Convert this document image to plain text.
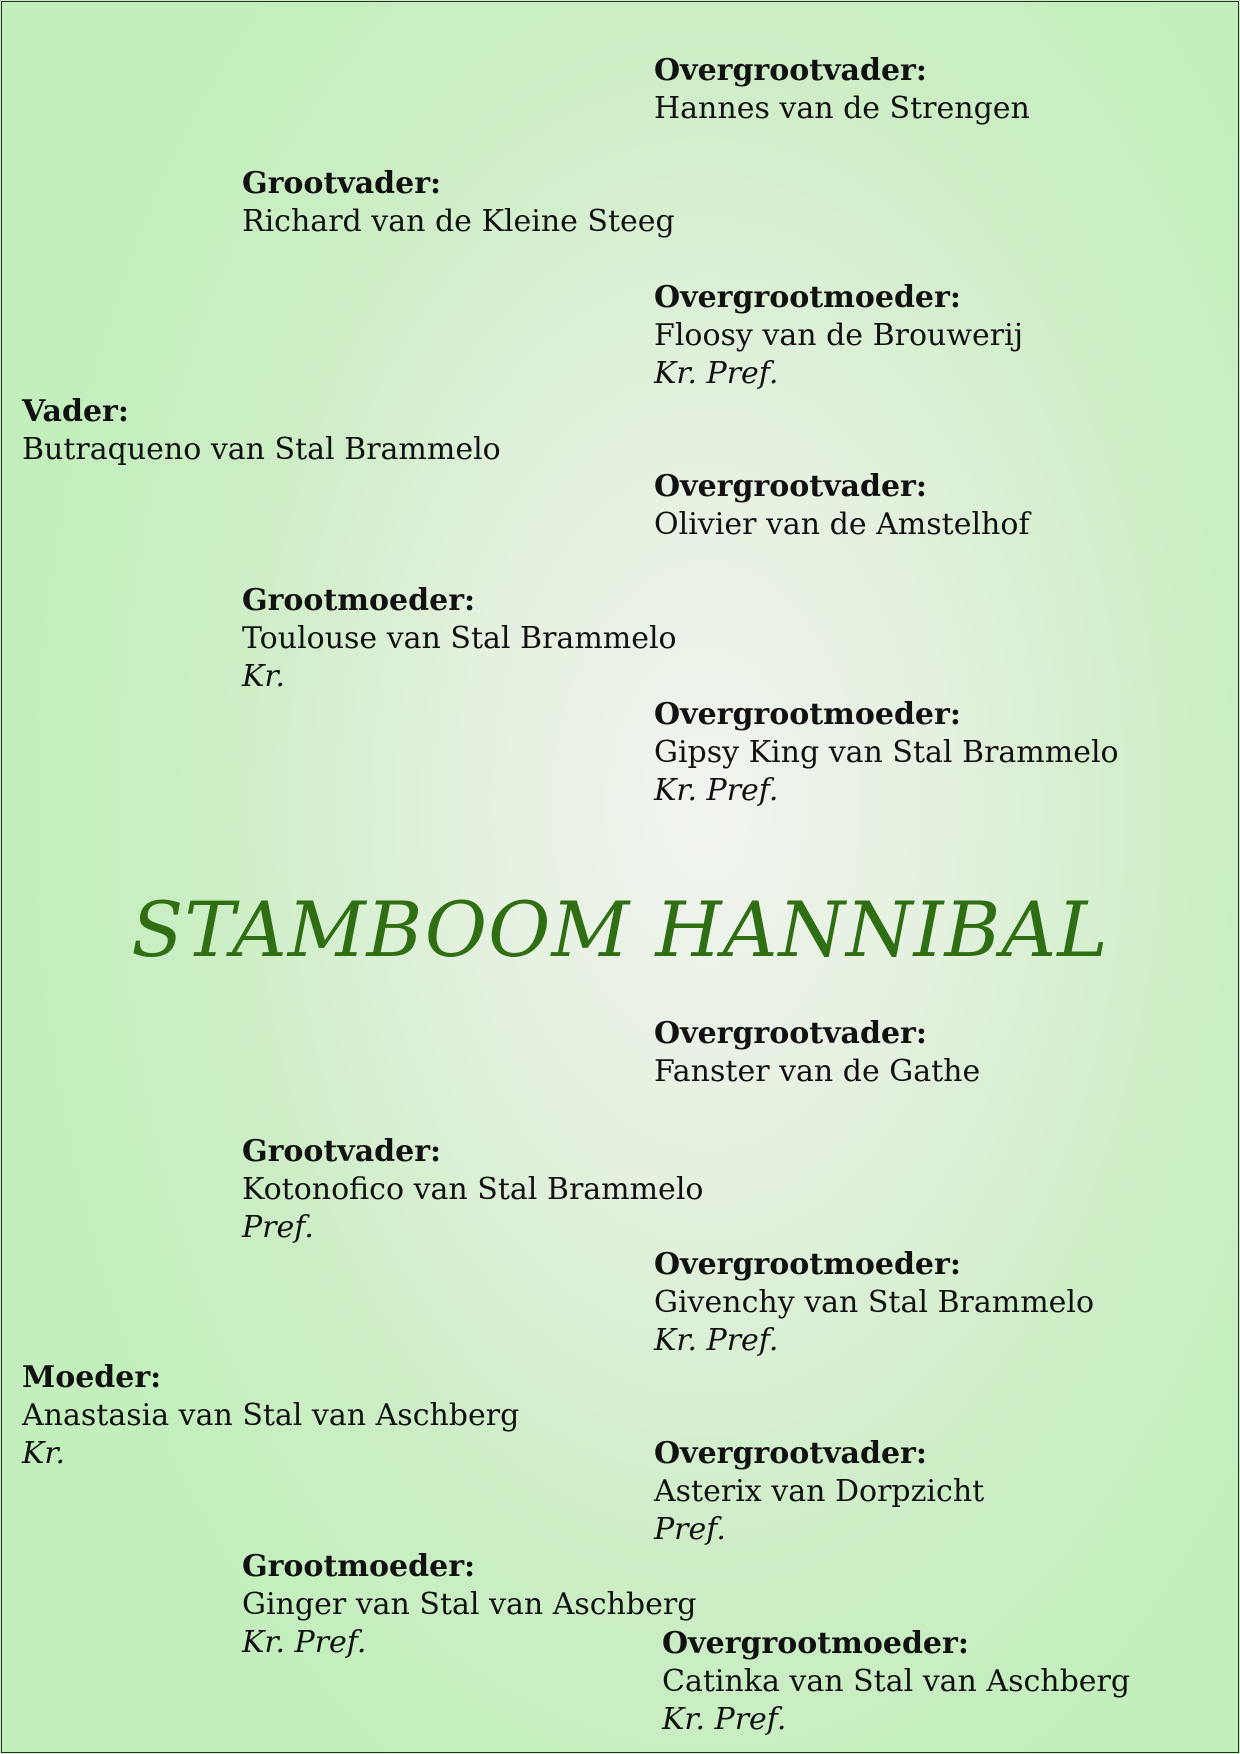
Overgrootvader:
Hannes van de Strengen
Grootvader:
Richard van de Kleine Steeg
Overgrootmoeder:
Floosy van de Brouwerij
Kr. Pref.
Vader:
Butraqueno van Stal Brammelo
Overgrootvader:
Olivier van de Amstelhof
Grootmoeder:
Toulouse van Stal Brammelo
Kr.
Overgrootmoeder:
Gipsy King van Stal Brammelo
Kr. Pref.
STAMBOOM HANNIBAL
Overgrootvader:
Fanster van de Gathe
Grootvader:
Kotonofico van Stal Brammelo
Pref.
Overgrootmoeder:
Givenchy van Stal Brammelo
Kr. Pref.
Moeder:
Anastasia van Stal van Aschberg
Kr.	Overgrootvader:
Asterix van Dorpzicht
Pref.
Grootmoeder:
Ginger van Stal van Aschberg
Kr. Pref.	Overgrootmoeder:
Catinka van Stal van Aschberg
Kr. Pref.
